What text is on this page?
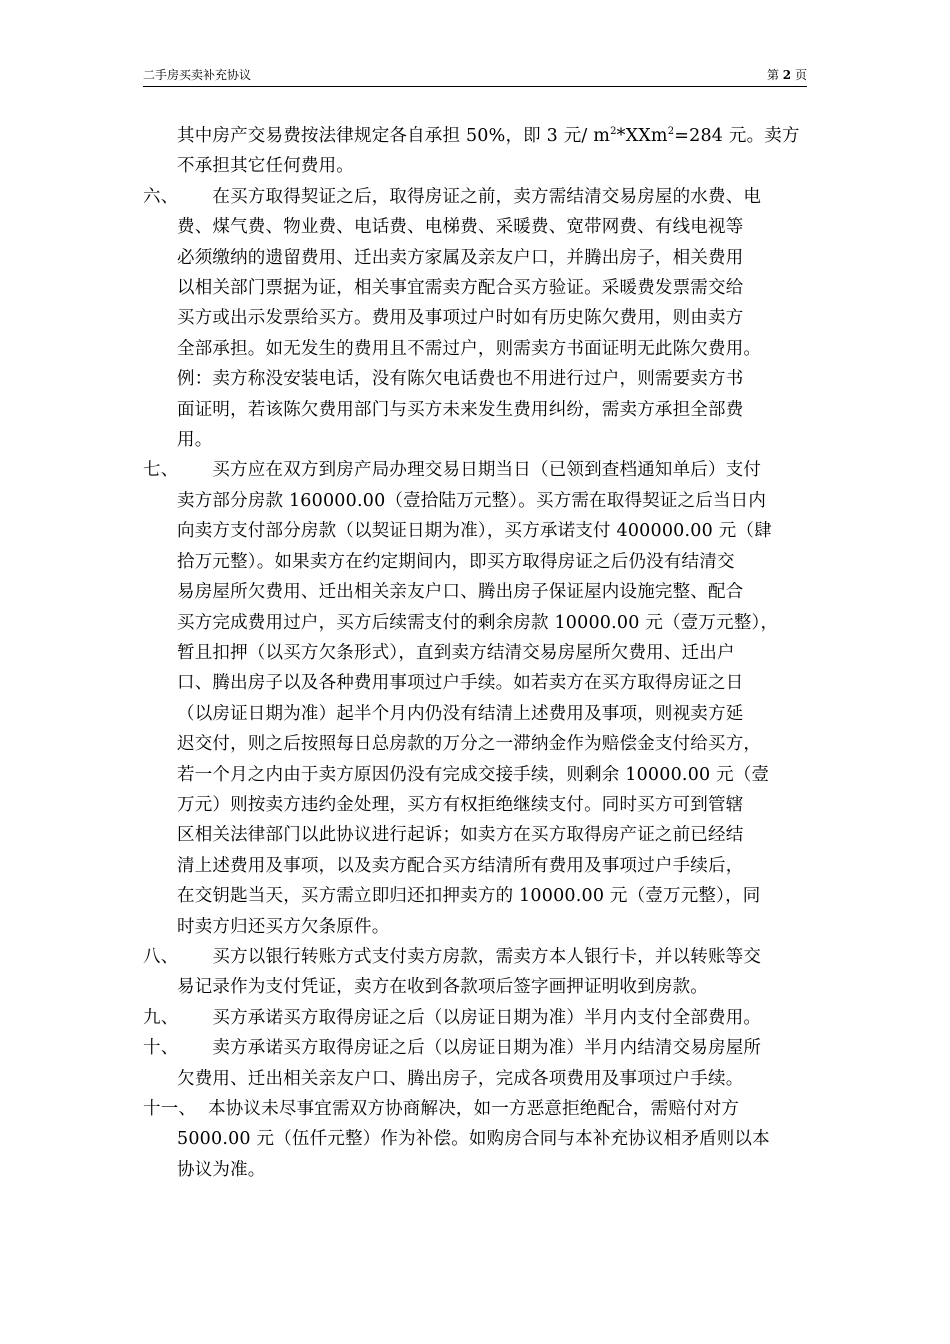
二手房买卖补充协议	第 2 页
其中房产交易费按法律规定各自承担 50%，即 3 元/ $m^2*XXm^2=284$ 元。卖方
不承担其它任何费用。
六、	在买方取得契证之后，取得房证之前，卖方需结清交易房屋的水费、电
费、煤气费、物业费、电话费、电梯费、采暖费、宽带网费、有线电视等
必须缴纳的遗留费用、迁出卖方家属及亲友户口，并腾出房子，相关费用
以相关部门票据为证，相关事宜需卖方配合买方验证。采暖费发票需交给
买方或出示发票给买方。费用及事项过户时如有历史陈欠费用，则由卖方
全部承担。如无发生的费用且不需过户，则需卖方书面证明无此陈欠费用。
例：卖方称没安装电话，没有陈欠电话费也不用进行过户，则需要卖方书
面证明，若该陈欠费用部门与买方未来发生费用纠纷，需卖方承担全部费
用。
七、	买方应在双方到房产局办理交易日期当日（已领到查档通知单后）支付
卖方部分房款 160000.00（壹拾陆万元整）。买方需在取得契证之后当日内
向卖方支付部分房款（以契证日期为准），买方承诺支付 400000.00 元（肆
拾万元整）。如果卖方在约定期间内，即买方取得房证之后仍没有结清交
易房屋所欠费用、迁出相关亲友户口、腾出房子保证屋内设施完整、配合
买方完成费用过户，买方后续需支付的剩余房款 10000.00 元（壹万元整），
暂且扣押（以买方欠条形式），直到卖方结清交易房屋所欠费用、迁出户
口、腾出房子以及各种费用事项过户手续。如若卖方在买方取得房证之日
（以房证日期为准）起半个月内仍没有结清上述费用及事项，则视卖方延
迟交付，则之后按照每日总房款的万分之一滞纳金作为赔偿金支付给买方，
若一个月之内由于卖方原因仍没有完成交接手续，则剩余 10000.00 元（壹
万元）则按卖方违约金处理，买方有权拒绝继续支付。同时买方可到管辖
区相关法律部门以此协议进行起诉；如卖方在买方取得房产证之前已经结
清上述费用及事项，以及卖方配合买方结清所有费用及事项过户手续后，
在交钥匙当天，买方需立即归还扣押卖方的 10000.00 元（壹万元整），同
时卖方归还买方欠条原件。
八、	买方以银行转账方式支付卖方房款，需卖方本人银行卡，并以转账等交
易记录作为支付凭证，卖方在收到各款项后签字画押证明收到房款。
九、	买方承诺买方取得房证之后（以房证日期为准）半月内支付全部费用。
十、	卖方承诺买方取得房证之后（以房证日期为准）半月内结清交易房屋所
欠费用、迁出相关亲友户口、腾出房子，完成各项费用及事项过户手续。
十一、 本协议未尽事宜需双方协商解决，如一方恶意拒绝配合，需赔付对方
5000.00 元（伍仟元整）作为补偿。如购房合同与本补充协议相矛盾则以本
协议为准。
